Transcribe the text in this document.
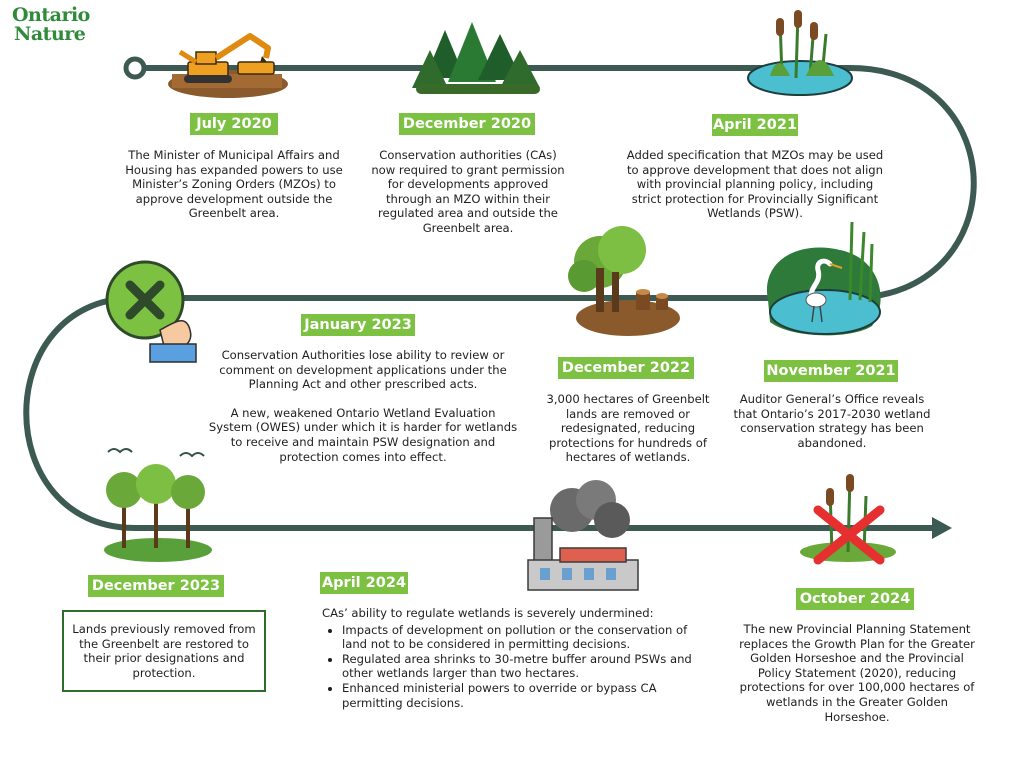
Ontario
Nature
July 2020
The Minister of Municipal Affairs and Housing has expanded powers to use Minister’s Zoning Orders (MZOs) to approve development outside the Greenbelt area.
December 2020
Conservation authorities (CAs) now required to grant permission for developments approved through an MZO within their regulated area and outside the Greenbelt area.
April 2021
Added specification that MZOs may be used to approve development that does not align with provincial planning policy, including strict protection for Provincially Significant Wetlands (PSW).
January 2023

Conservation Authorities lose ability to review or comment on development applications under the Planning Act and other prescribed acts.

A new, weakened Ontario Wetland Evaluation System (OWES) under which it is harder for wetlands to receive and maintain PSW designation and protection comes into effect.

December 2022
3,000 hectares of Greenbelt lands are removed or redesignated, reducing protections for hundreds of hectares of wetlands.
November 2021
Auditor General’s Office reveals that Ontario’s 2017-2030 wetland conservation strategy has been abandoned.
December 2023
Lands previously removed from the Greenbelt are restored to their prior designations and protection.
April 2024
CAs’ ability to regulate wetlands is severely undermined:
• Impacts of development on pollution or the conservation of land not to be considered in permitting decisions.
• Regulated area shrinks to 30-metre buffer around PSWs and other wetlands larger than two hectares.
• Enhanced ministerial powers to override or bypass CA permitting decisions.
October 2024
The new Provincial Planning Statement replaces the Growth Plan for the Greater Golden Horseshoe and the Provincial Policy Statement (2020), reducing protections for over 100,000 hectares of wetlands in the Greater Golden Horseshoe.
